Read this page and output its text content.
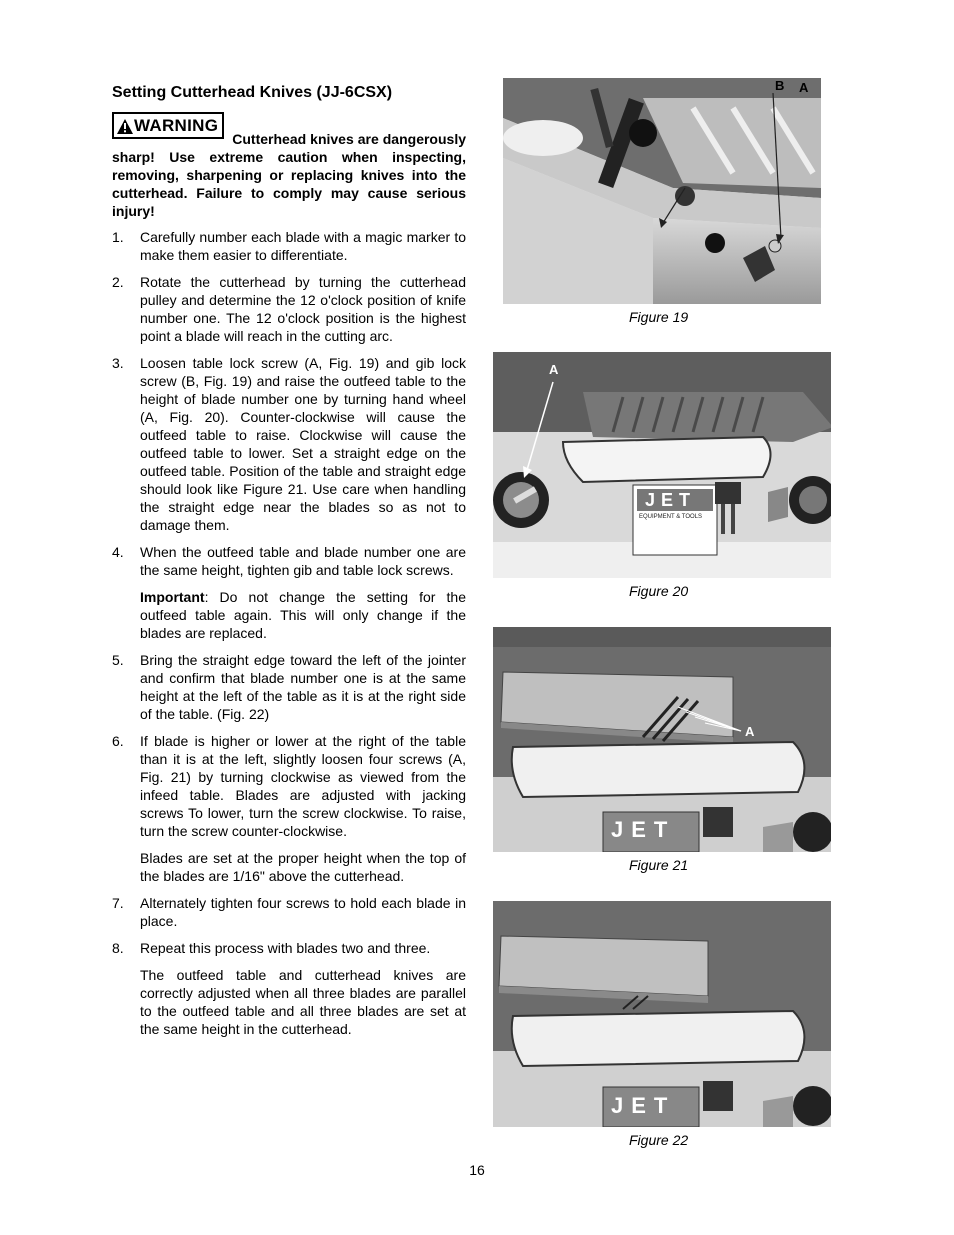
Setting Cutterhead Knives (JJ-6CSX)
WARNING
Cutterhead knives are dangerously sharp! Use extreme caution when inspecting, removing, sharpening or replacing knives into the cutterhead. Failure to comply may cause serious injury!
1. Carefully number each blade with a magic marker to make them easier to differentiate.

2. Rotate the cutterhead by turning the cutterhead pulley and determine the 12 o'clock position of knife number one. The 12 o'clock position is the highest point a blade will reach in the cutting arc.

3. Loosen table lock screw (A, Fig. 19) and gib lock screw (B, Fig. 19) and raise the outfeed table to the height of blade number one by turning hand wheel (A, Fig. 20). Counter-clockwise will cause the outfeed table to raise. Clockwise will cause the outfeed table to lower. Set a straight edge on the outfeed table. Position of the table and straight edge should look like Figure 21. Use care when handling the straight edge near the blades so as not to damage them.

4. When the outfeed table and blade number one are the same height, tighten gib and table lock screws.

Important: Do not change the setting for the outfeed table again. This will only change if the blades are replaced.

5. Bring the straight edge toward the left of the jointer and confirm that blade number one is at the same height at the left of the table as it is at the right side of the table. (Fig. 22)

6. If blade is higher or lower at the right of the table than it is at the left, slightly loosen four screws (A, Fig. 21) by turning clockwise as viewed from the infeed table. Blades are adjusted with jacking screws To lower, turn the screw clockwise. To raise, turn the screw counter-clockwise.

Blades are set at the proper height when the top of the blades are 1/16" above the cutterhead.

7. Alternately tighten four screws to hold each blade in place.

8. Repeat this process with blades two and three.

The outfeed table and cutterhead knives are correctly adjusted when all three blades are parallel to the outfeed table and all three blades are set at the same height in the cutterhead.

B A
Figure 19
JET
EQUIPMENT & TOOLS
A
Figure 20
JET
A
Figure 21
JET
Figure 22
16
